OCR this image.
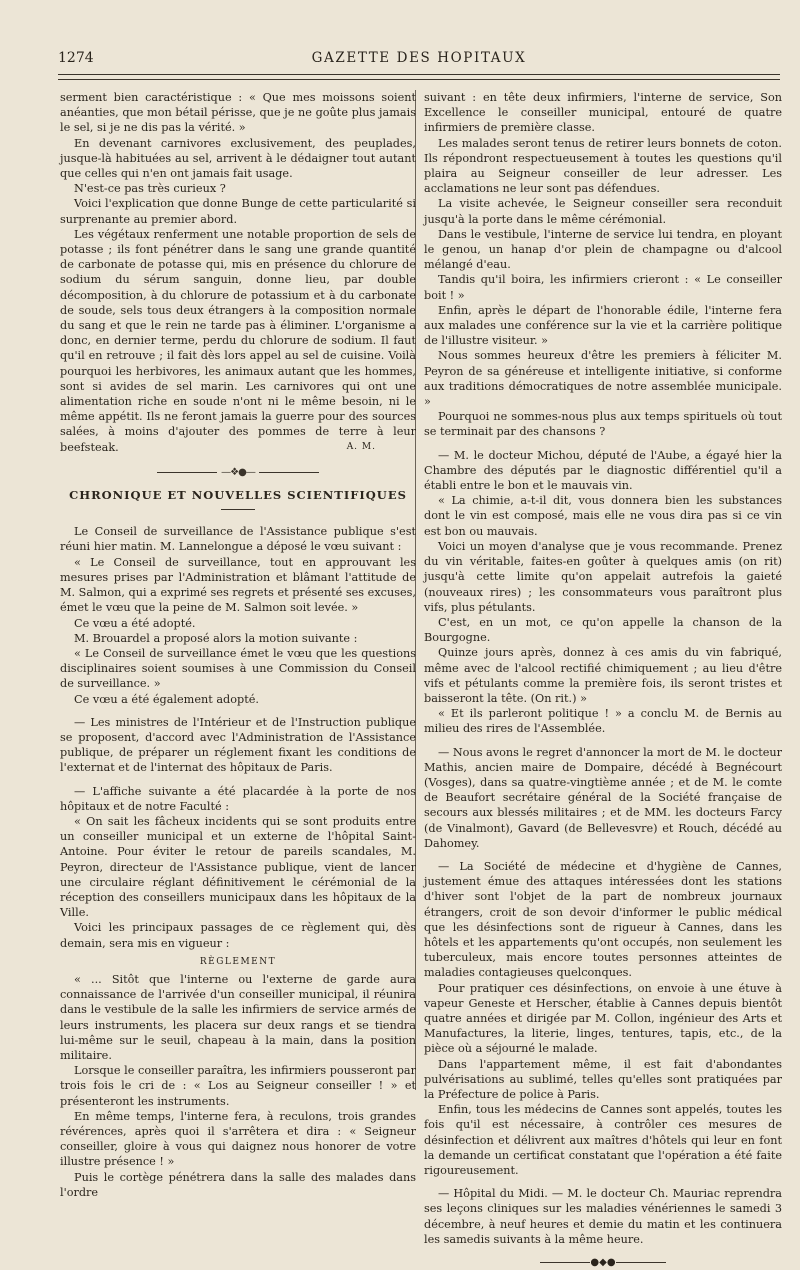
1274	GAZETTE DES HOPITAUX

serment bien caractéristique : « Que mes moissons soient anéanties, que mon bétail périsse, que je ne goûte plus jamais le sel, si je ne dis pas la vérité. »

En devenant carnivores exclusivement, des peuplades, jusque-là habituées au sel, arrivent à le dédaigner tout autant que celles qui n'en ont jamais fait usage.

N'est-ce pas très curieux ?

Voici l'explication que donne Bunge de cette particularité si surprenante au premier abord.

Les végétaux renferment une notable proportion de sels de potasse ; ils font pénétrer dans le sang une grande quantité de carbonate de potasse qui, mis en présence du chlorure de sodium du sérum sanguin, donne lieu, par double décomposition, à du chlorure de potassium et à du carbonate de soude, sels tous deux étrangers à la composition normale du sang et que le rein ne tarde pas à éliminer. L'organisme a donc, en dernier terme, perdu du chlorure de sodium. Il faut qu'il en retrouve ; il fait dès lors appel au sel de cuisine. Voilà pourquoi les herbivores, les animaux autant que les hommes, sont si avides de sel marin. Les carnivores qui ont une alimentation riche en soude n'ont ni le même besoin, ni le même appétit. Ils ne feront jamais la guerre pour des sources salées, à moins d'ajouter des pommes de terre à leur beefsteak.	A. M.

—❖●—
CHRONIQUE ET NOUVELLES SCIENTIFIQUES

Le Conseil de surveillance de l'Assistance publique s'est réuni hier matin. M. Lannelongue a déposé le vœu suivant :

« Le Conseil de surveillance, tout en approuvant les mesures prises par l'Administration et blâmant l'attitude de M. Salmon, qui a exprimé ses regrets et présenté ses excuses, émet le vœu que la peine de M. Salmon soit levée. »

Ce vœu a été adopté.

M. Brouardel a proposé alors la motion suivante :

« Le Conseil de surveillance émet le vœu que les questions disciplinaires soient soumises à une Commission du Conseil de surveillance. »

Ce vœu a été également adopté.

— Les ministres de l'Intérieur et de l'Instruction publique se proposent, d'accord avec l'Administration de l'Assistance publique, de préparer un réglement fixant les conditions de l'externat et de l'internat des hôpitaux de Paris.

— L'affiche suivante a été placardée à la porte de nos hôpitaux et de notre Faculté :

« On sait les fâcheux incidents qui se sont produits entre un conseiller municipal et un externe de l'hôpital Saint-Antoine. Pour éviter le retour de pareils scandales, M. Peyron, directeur de l'Assistance publique, vient de lancer une circulaire réglant définitivement le cérémonial de la réception des conseillers municipaux dans les hôpitaux de la Ville.

Voici les principaux passages de ce règlement qui, dès demain, sera mis en vigueur :

RÈGLEMENT

« ... Sitôt que l'interne ou l'externe de garde aura connaissance de l'arrivée d'un conseiller municipal, il réunira dans le vestibule de la salle les infirmiers de service armés de leurs instruments, les placera sur deux rangs et se tiendra lui-même sur le seuil, chapeau à la main, dans la position militaire.

Lorsque le conseiller paraîtra, les infirmiers pousseront par trois fois le cri de : « Los au Seigneur conseiller ! » et présenteront les instruments.

En même temps, l'interne fera, à reculons, trois grandes révérences, après quoi il s'arrêtera et dira : « Seigneur conseiller, gloire à vous qui daignez nous honorer de votre illustre présence ! »

Puis le cortège pénétrera dans la salle des malades dans l'ordre

suivant : en tête deux infirmiers, l'interne de service, Son Excellence le conseiller municipal, entouré de quatre infirmiers de première classe.

Les malades seront tenus de retirer leurs bonnets de coton. Ils répondront respectueusement à toutes les questions qu'il plaira au Seigneur conseiller de leur adresser. Les acclamations ne leur sont pas défendues.

La visite achevée, le Seigneur conseiller sera reconduit jusqu'à la porte dans le même cérémonial.

Dans le vestibule, l'interne de service lui tendra, en ployant le genou, un hanap d'or plein de champagne ou d'alcool mélangé d'eau.

Tandis qu'il boira, les infirmiers crieront : « Le conseiller boit ! »

Enfin, après le départ de l'honorable édile, l'interne fera aux malades une conférence sur la vie et la carrière politique de l'illustre visiteur. »

Nous sommes heureux d'être les premiers à féliciter M. Peyron de sa généreuse et intelligente initiative, si conforme aux traditions démocratiques de notre assemblée municipale. »

Pourquoi ne sommes-nous plus aux temps spirituels où tout se terminait par des chansons ?

— M. le docteur Michou, député de l'Aube, a égayé hier la Chambre des députés par le diagnostic différentiel qu'il a établi entre le bon et le mauvais vin.

« La chimie, a-t-il dit, vous donnera bien les substances dont le vin est composé, mais elle ne vous dira pas si ce vin est bon ou mauvais.

Voici un moyen d'analyse que je vous recommande. Prenez du vin véritable, faites-en goûter à quelques amis (on rit) jusqu'à cette limite qu'on appelait autrefois la gaieté (nouveaux rires) ; les consommateurs vous paraîtront plus vifs, plus pétulants.

C'est, en un mot, ce qu'on appelle la chanson de la Bourgogne.

Quinze jours après, donnez à ces amis du vin fabriqué, même avec de l'alcool rectifié chimiquement ; au lieu d'être vifs et pétulants comme la première fois, ils seront tristes et baisseront la tête. (On rit.) »

« Et ils parleront politique ! » a conclu M. de Bernis au milieu des rires de l'Assemblée.

— Nous avons le regret d'annoncer la mort de M. le docteur Mathis, ancien maire de Dompaire, décédé à Begnécourt (Vosges), dans sa quatre-vingtième année ; et de M. le comte de Beaufort secrétaire général de la Société française de secours aux blessés militaires ; et de MM. les docteurs Farcy (de Vinalmont), Gavard (de Bellevesvre) et Rouch, décédé au Dahomey.

— La Société de médecine et d'hygiène de Cannes, justement émue des attaques intéressées dont les stations d'hiver sont l'objet de la part de nombreux journaux étrangers, croit de son devoir d'informer le public médical que les désinfections sont de rigueur à Cannes, dans les hôtels et les appartements qu'ont occupés, non seulement les tuberculeux, mais encore toutes personnes atteintes de maladies contagieuses quelconques.

Pour pratiquer ces désinfections, on envoie à une étuve à vapeur Geneste et Herscher, établie à Cannes depuis bientôt quatre années et dirigée par M. Collon, ingénieur des Arts et Manufactures, la literie, linges, tentures, tapis, etc., de la pièce où a séjourné le malade.

Dans l'appartement même, il est fait d'abondantes pulvérisations au sublimé, telles qu'elles sont pratiquées par la Préfecture de police à Paris.

Enfin, tous les médecins de Cannes sont appelés, toutes les fois qu'il est nécessaire, à contrôler ces mesures de désinfection et délivrent aux maîtres d'hôtels qui leur en font la demande un certificat constatant que l'opération a été faite rigoureusement.

— Hôpital du Midi. — M. le docteur Ch. Mauriac reprendra ses leçons cliniques sur les maladies vénériennes le samedi 3 décembre, à neuf heures et demie du matin et les continuera les samedis suivants à la même heure.

●◆●
